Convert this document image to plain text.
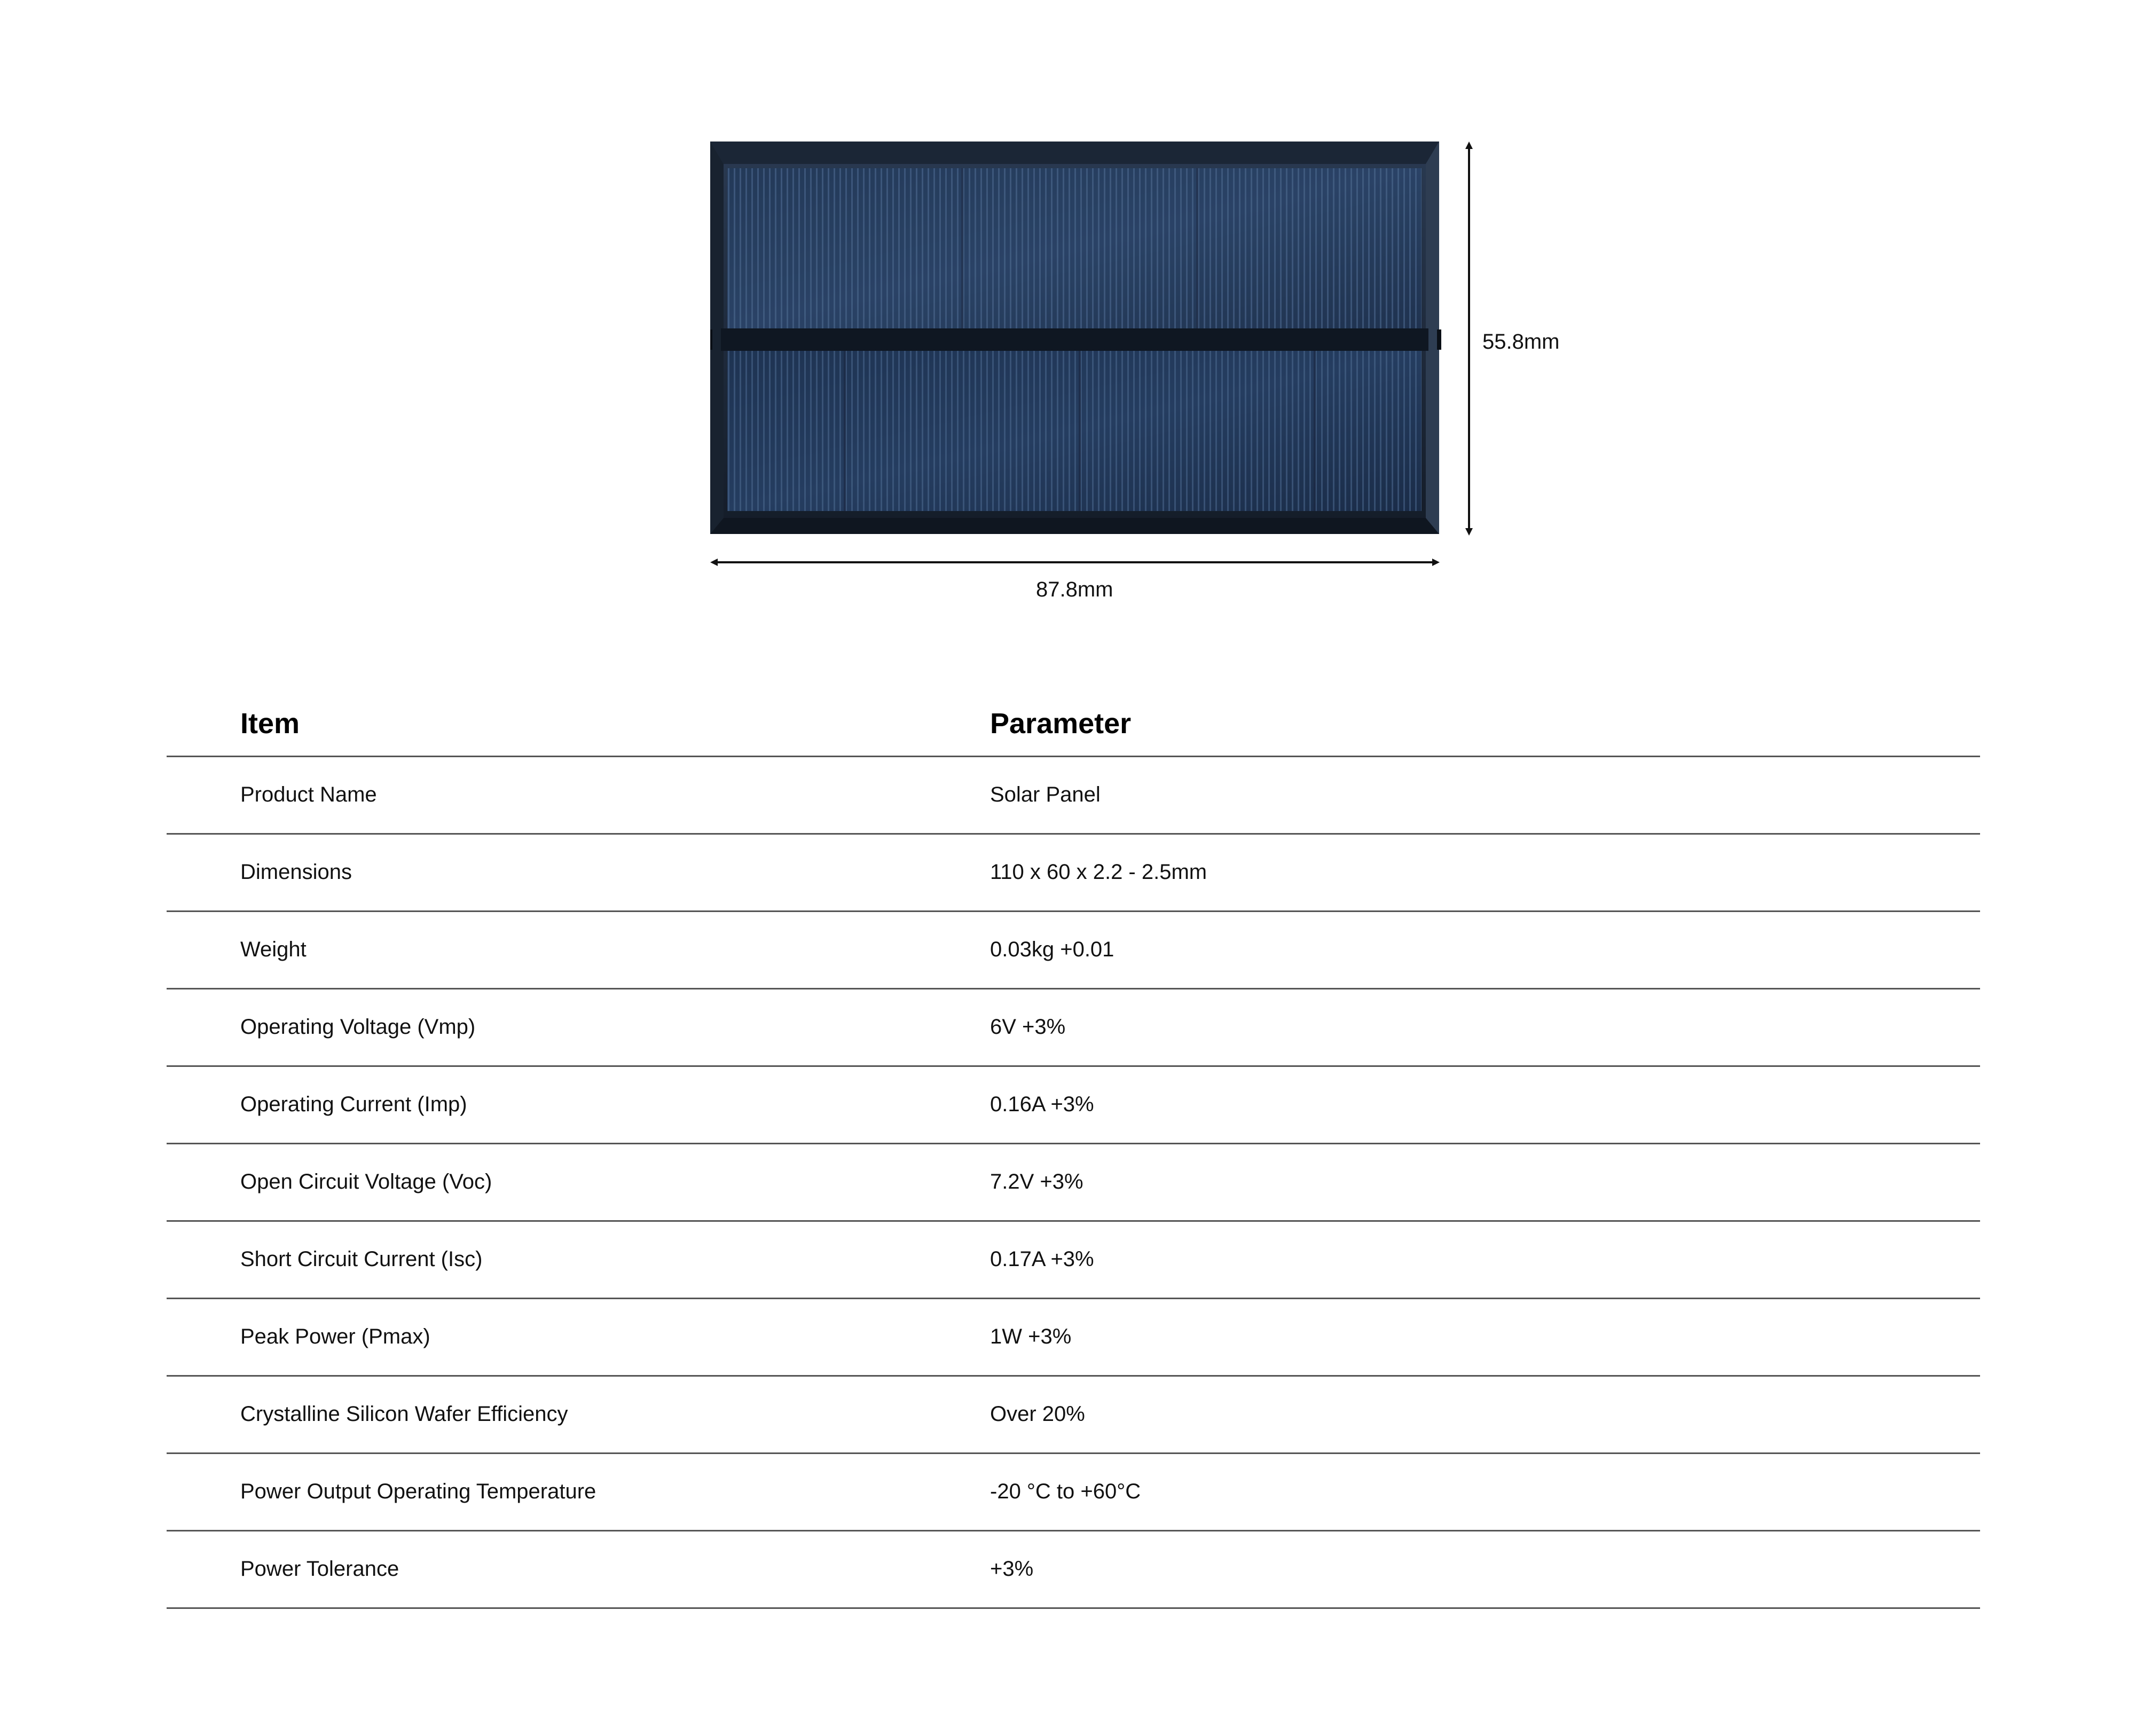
87.8mm
55.8mm
Item	Parameter
Product Name	Solar Panel
Dimensions	110 x 60 x 2.2 - 2.5mm
Weight	0.03kg +0.01
Operating Voltage (Vmp)	6V +3%
Operating Current (Imp)	0.16A +3%
Open Circuit Voltage (Voc)	7.2V +3%
Short Circuit Current (Isc)	0.17A +3%
Peak Power (Pmax)	1W +3%
Crystalline Silicon Wafer Efficiency	Over 20%
Power Output Operating Temperature	-20 °C to +60°C
Power Tolerance	+3%
